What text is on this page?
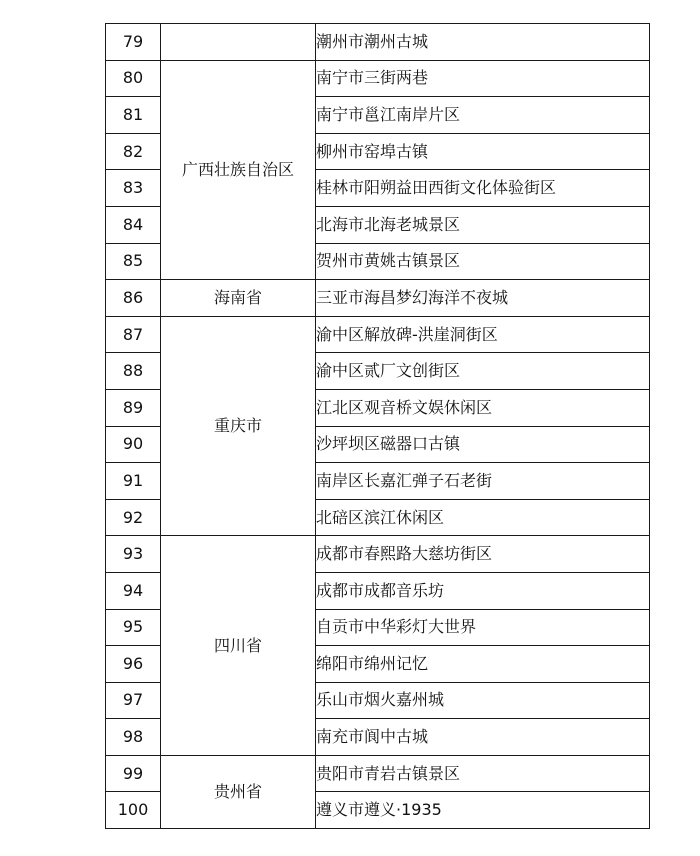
79		潮州市潮州古城
80	广西壮族自治区	南宁市三街两巷
81		南宁市邕江南岸片区
82		柳州市窑埠古镇
83		桂林市阳朔益田西街文化体验街区
84		北海市北海老城景区
85		贺州市黄姚古镇景区
86	海南省	三亚市海昌梦幻海洋不夜城
87	重庆市	渝中区解放碑-洪崖洞街区
88		渝中区贰厂文创街区
89		江北区观音桥文娱休闲区
90		沙坪坝区磁器口古镇
91		南岸区长嘉汇弹子石老街
92		北碚区滨江休闲区
93	四川省	成都市春熙路大慈坊街区
94		成都市成都音乐坊
95		自贡市中华彩灯大世界
96		绵阳市绵州记忆
97		乐山市烟火嘉州城
98		南充市阆中古城
99	贵州省	贵阳市青岩古镇景区
100		遵义市遵义·1935
